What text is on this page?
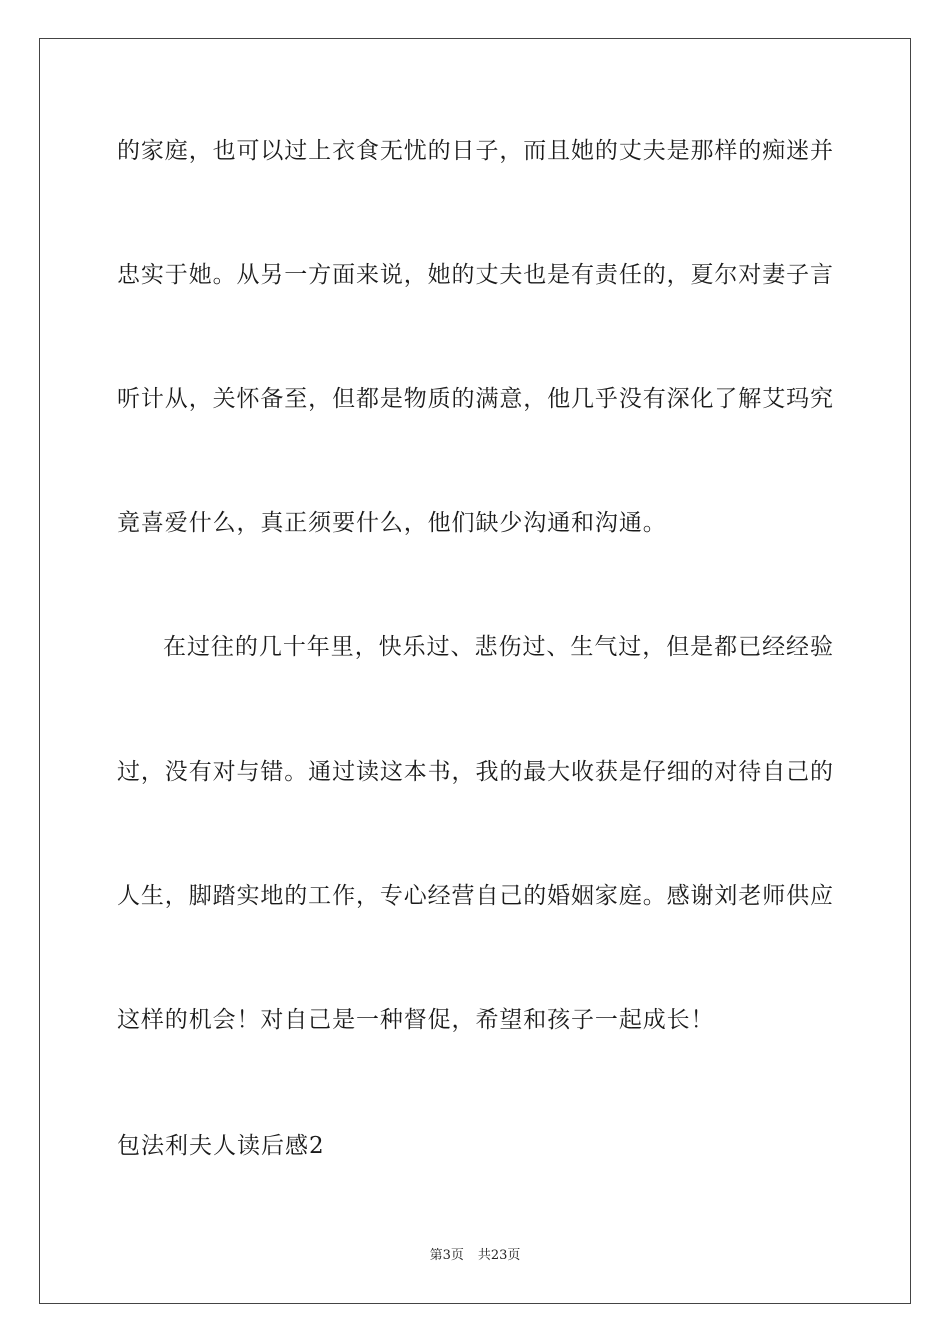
的家庭，也可以过上衣食无忧的日子，而且她的丈夫是那样的痴迷并
忠实于她。从另一方面来说，她的丈夫也是有责任的，夏尔对妻子言
听计从，关怀备至，但都是物质的满意，他几乎没有深化了解艾玛究
竟喜爱什么，真正须要什么，他们缺少沟通和沟通。
在过往的几十年里，快乐过、悲伤过、生气过，但是都已经经验
过，没有对与错。通过读这本书，我的最大收获是仔细的对待自己的
人生，脚踏实地的工作，专心经营自己的婚姻家庭。感谢刘老师供应
这样的机会！对自己是一种督促，希望和孩子一起成长！
包法利夫人读后感2
第3页 共23页
